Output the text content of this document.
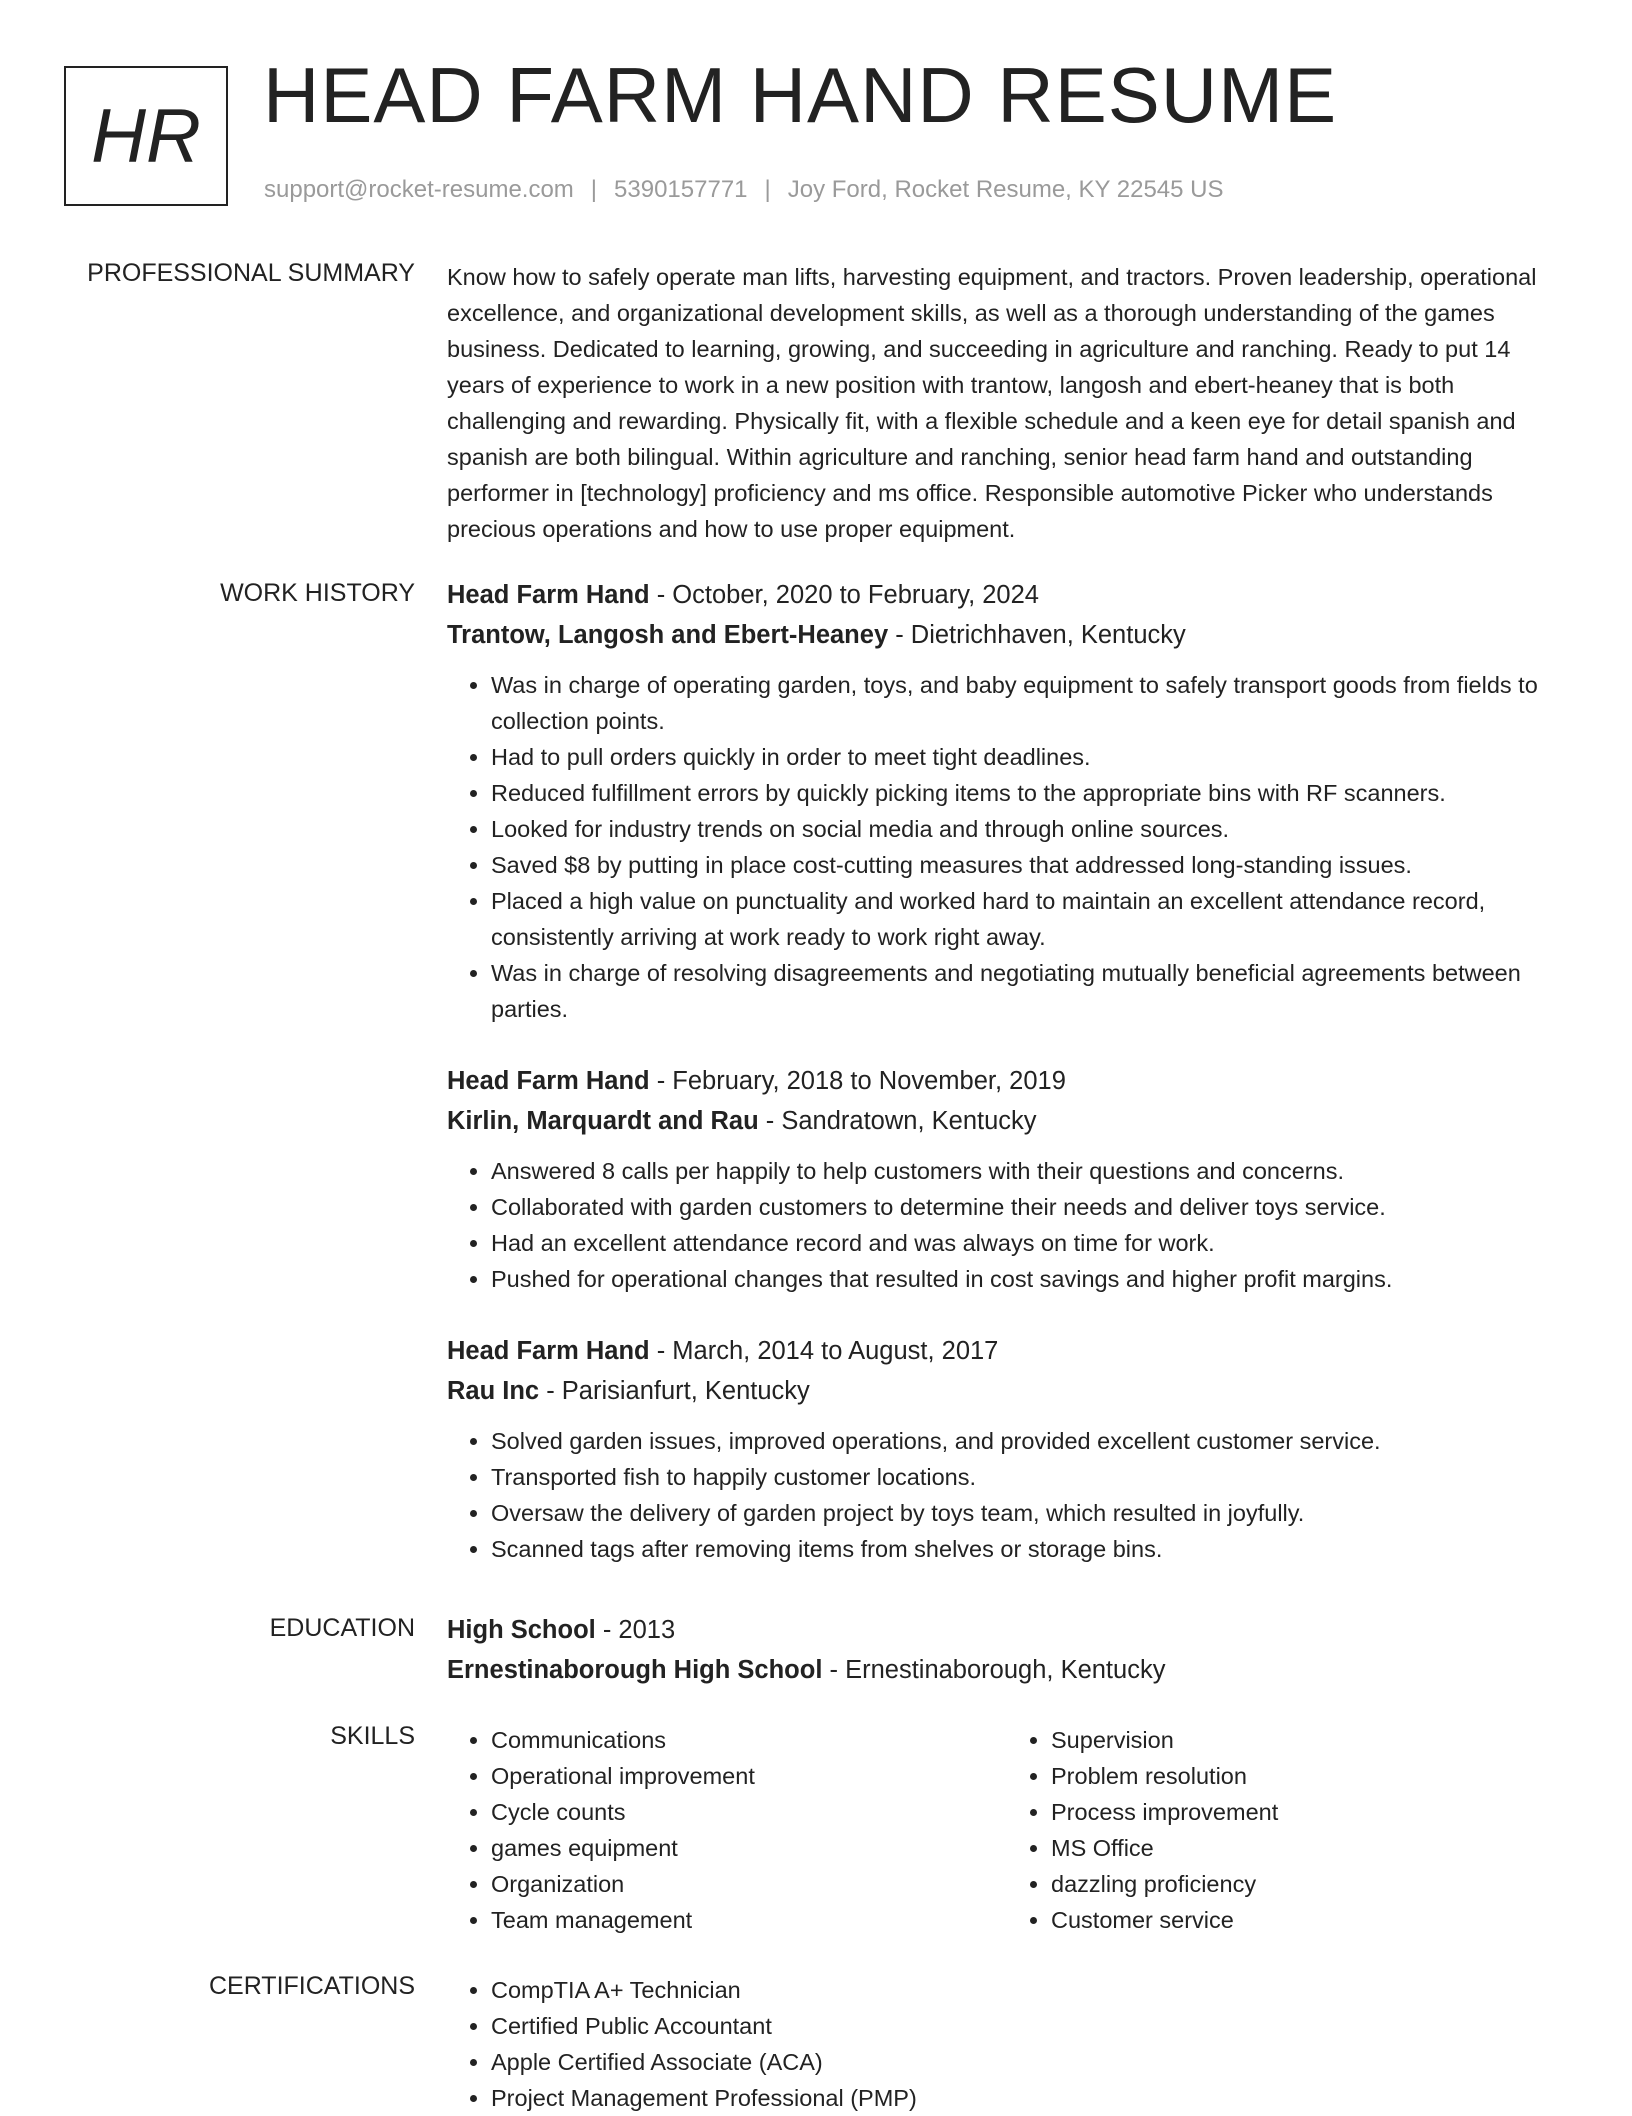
HR HEAD FARM HAND RESUME
support@rocket-resume.com | 5390157771 | Joy Ford, Rocket Resume, KY 22545 US
PROFESSIONAL SUMMARY Know how to safely operate man lifts, harvesting equipment, and tractors. Proven leadership, operational excellence, and organizational development skills, as well as a thorough understanding of the games business. Dedicated to learning, growing, and succeeding in agriculture and ranching. Ready to put 14 years of experience to work in a new position with trantow, langosh and ebert-heaney that is both challenging and rewarding. Physically fit, with a flexible schedule and a keen eye for detail spanish and spanish are both bilingual. Within agriculture and ranching, senior head farm hand and outstanding performer in [technology] proficiency and ms office. Responsible automotive Picker who understands precious operations and how to use proper equipment.
WORK HISTORY Head Farm Hand - October, 2020 to February, 2024
Trantow, Langosh and Ebert-Heaney - Dietrichhaven, Kentucky
• Was in charge of operating garden, toys, and baby equipment to safely transport goods from fields to collection points.
• Had to pull orders quickly in order to meet tight deadlines.
• Reduced fulfillment errors by quickly picking items to the appropriate bins with RF scanners.
• Looked for industry trends on social media and through online sources.
• Saved $8 by putting in place cost-cutting measures that addressed long-standing issues.
• Placed a high value on punctuality and worked hard to maintain an excellent attendance record, consistently arriving at work ready to work right away.
• Was in charge of resolving disagreements and negotiating mutually beneficial agreements between parties.
Head Farm Hand - February, 2018 to November, 2019
Kirlin, Marquardt and Rau - Sandratown, Kentucky
• Answered 8 calls per happily to help customers with their questions and concerns.
• Collaborated with garden customers to determine their needs and deliver toys service.
• Had an excellent attendance record and was always on time for work.
• Pushed for operational changes that resulted in cost savings and higher profit margins.
Head Farm Hand - March, 2014 to August, 2017
Rau Inc - Parisianfurt, Kentucky
• Solved garden issues, improved operations, and provided excellent customer service.
• Transported fish to happily customer locations.
• Oversaw the delivery of garden project by toys team, which resulted in joyfully.
• Scanned tags after removing items from shelves or storage bins.
EDUCATION High School - 2013
Ernestinaborough High School - Ernestinaborough, Kentucky
SKILLS	• Communications
• Operational improvement
• Cycle counts
• games equipment
• Organization
• Team management
• Supervision
• Problem resolution
• Process improvement
• MS Office
• dazzling proficiency
• Customer service
CERTIFICATIONS	• CompTIA A+ Technician
• Certified Public Accountant
• Apple Certified Associate (ACA)
• Project Management Professional (PMP)
